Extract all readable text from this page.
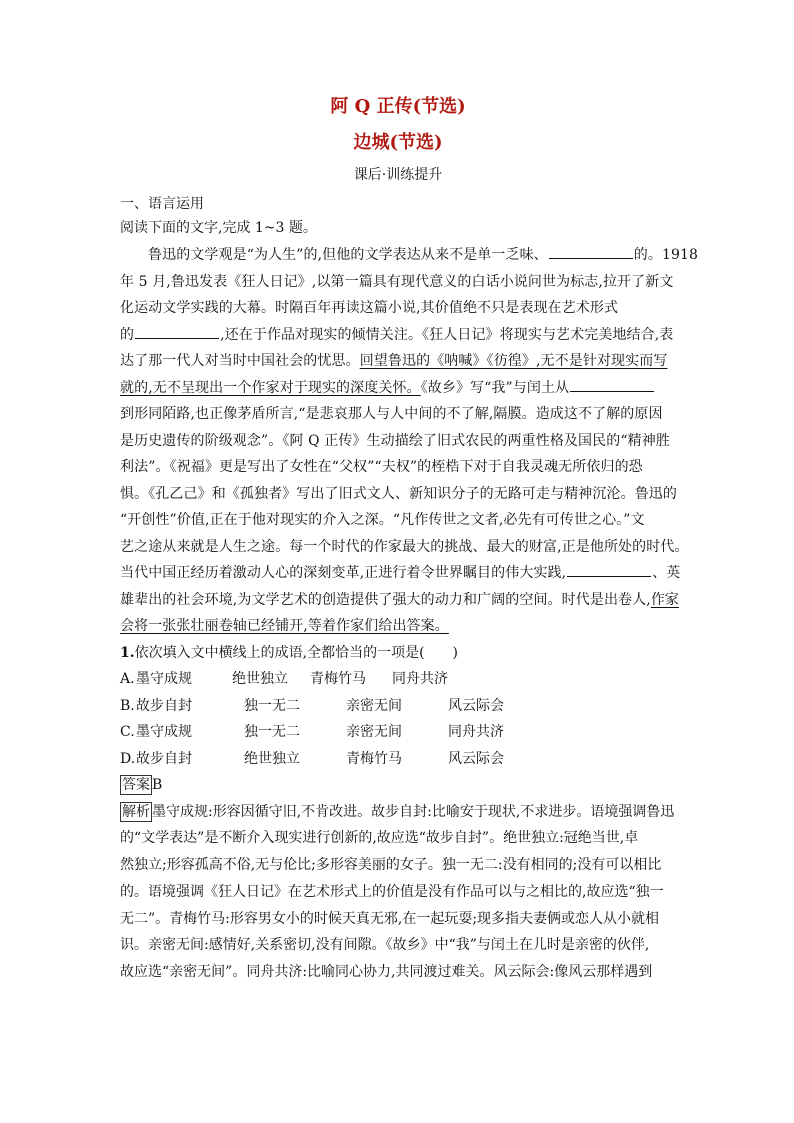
阿 Q 正传(节选)
边城(节选)
课后·训练提升
一、语言运用
阅读下面的文字,完成 1~3 题。
鲁迅的文学观是“为人生”的,但他的文学表达从来不是单一乏味、	的。1918
年 5 月,鲁迅发表《狂人日记》,以第一篇具有现代意义的白话小说问世为标志,拉开了新文
化运动文学实践的大幕。时隔百年再读这篇小说,其价值绝不只是表现在艺术形式
的	,还在于作品对现实的倾情关注。《狂人日记》将现实与艺术完美地结合,表
达了那一代人对当时中国社会的忧思。回望鲁迅的《呐喊》《彷徨》,无不是针对现实而写
就的,无不呈现出一个作家对于现实的深度关怀。《故乡》写“我”与闰土从
到形同陌路,也正像茅盾所言,“是悲哀那人与人中间的不了解,隔膜。造成这不了解的原因
是历史遗传的阶级观念”。《阿 Q 正传》生动描绘了旧式农民的两重性格及国民的“精神胜
利法”。《祝福》更是写出了女性在“父权”“夫权”的桎梏下对于自我灵魂无所依归的恐
惧。《孔乙己》和《孤独者》写出了旧式文人、新知识分子的无路可走与精神沉沦。鲁迅的
“开创性”价值,正在于他对现实的介入之深。“凡作传世之文者,必先有可传世之心。”文
艺之途从来就是人生之途。每一个时代的作家最大的挑战、最大的财富,正是他所处的时代。
当代中国正经历着激动人心的深刻变革,正进行着令世界瞩目的伟大实践,	、英
雄辈出的社会环境,为文学艺术的创造提供了强大的动力和广阔的空间。时代是出卷人,作家
会将一张张壮丽卷轴已经铺开,等着作家们给出答案。
1.依次填入文中横线上的成语,全都恰当的一项是(　　)
A. 墨守成规	绝世独立 青梅竹马 同舟共济
B. 故步自封	独一无二	亲密无间	风云际会
C. 墨守成规	独一无二	亲密无间	同舟共济
D. 故步自封	绝世独立	青梅竹马	风云际会
答案 B
解析 墨守成规:形容因循守旧,不肯改进。故步自封:比喻安于现状,不求进步。语境强调鲁迅
的“文学表达”是不断介入现实进行创新的,故应选“故步自封”。绝世独立:冠绝当世,卓
然独立;形容孤高不俗,无与伦比;多形容美丽的女子。独一无二:没有相同的;没有可以相比
的。语境强调《狂人日记》在艺术形式上的价值是没有作品可以与之相比的,故应选“独一
无二”。青梅竹马:形容男女小的时候天真无邪,在一起玩耍;现多指夫妻俩或恋人从小就相
识。亲密无间:感情好,关系密切,没有间隙。《故乡》中“我”与闰土在儿时是亲密的伙伴,
故应选“亲密无间”。同舟共济:比喻同心协力,共同渡过难关。风云际会:像风云那样遇到
